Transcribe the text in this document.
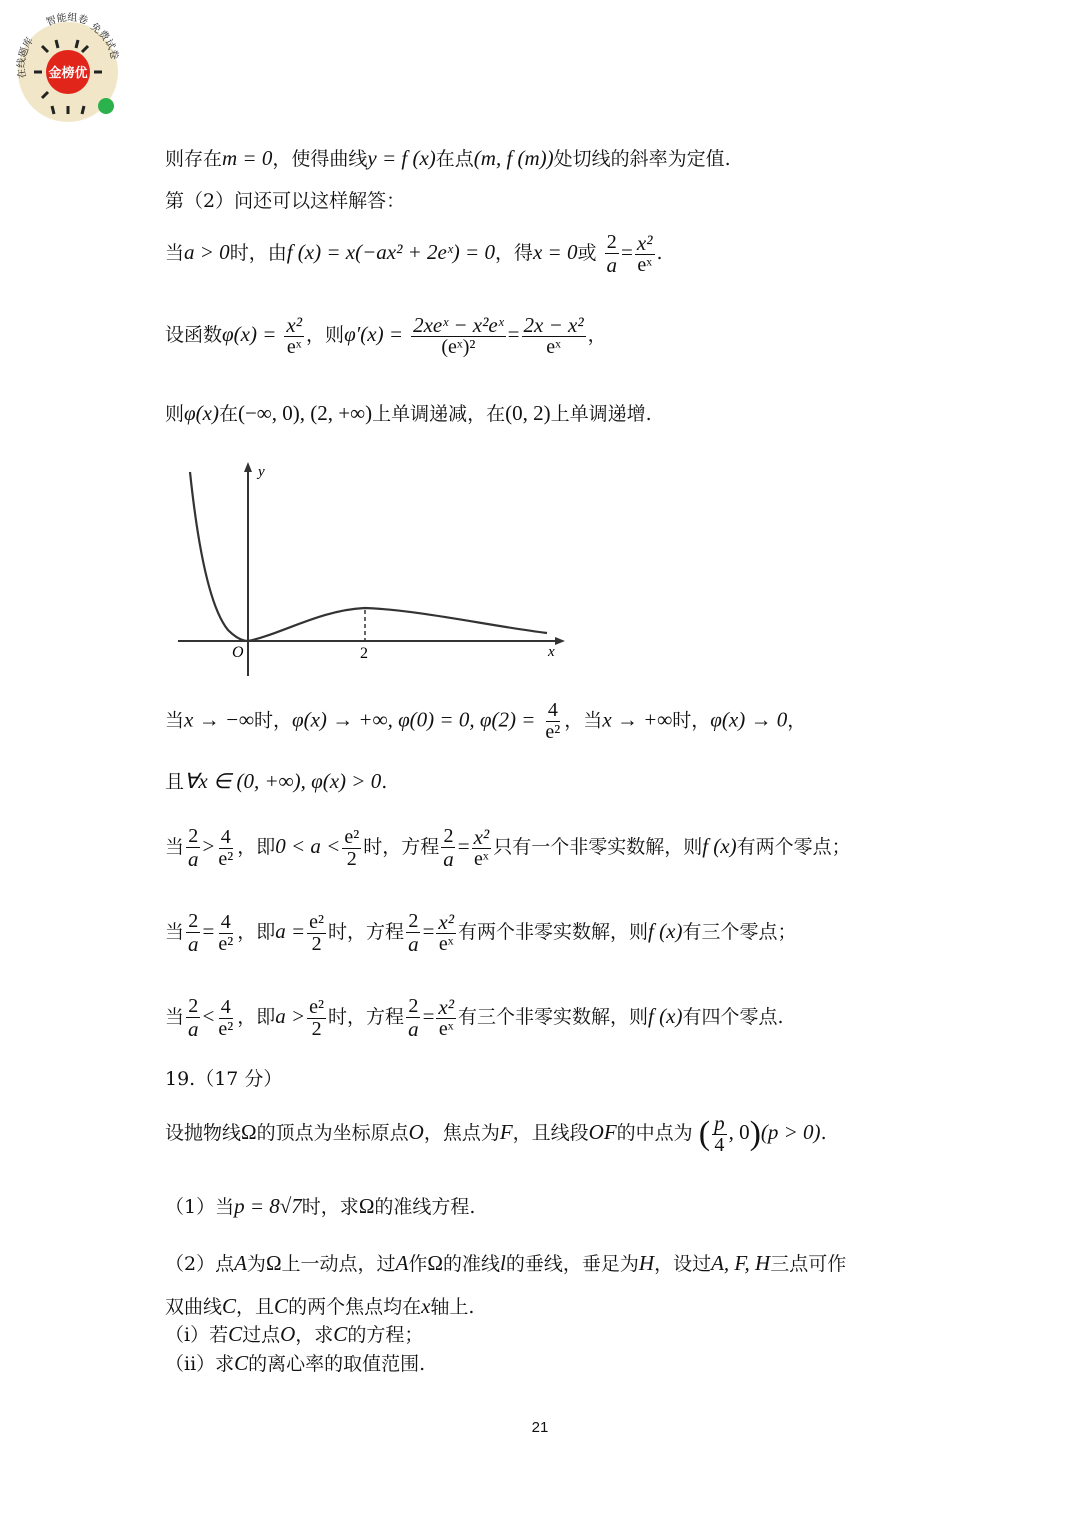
金榜优
在线题库
智能组卷
免费试卷
则存在m = 0，使得曲线y = f (x)在点(m, f (m))处切线的斜率为定值.
第（2）问还可以这样解答：
当a > 0时，由f (x) = x(−ax² + 2eˣ) = 0，得x = 0或 $\frac{2}{a} = \frac{\text{x²}}{\text{eˣ}}$ .
设函数$\varphi(x) = \frac{\text{x²}}{\text{eˣ}}$ ，则$\varphi'(x) = \frac{\text{2xeˣ − x²eˣ}}{\text{(eˣ)²}} = \frac{\text{2x − x²}}{\text{eˣ}}$ ，
则φ(x)在(−∞, 0), (2, +∞)上单调递减，在(0, 2)上单调递增.
y
x
O	2
当x → −∞时，φ(x) → +∞, φ(0) = 0, $\varphi(2) = \frac{4}{\text{e²}}$ ，当x → +∞时，φ(x) → 0，
且∀x ∈ (0, +∞), φ(x) > 0.
当 $\frac{2}{a} > \frac{4}{\text{e²}}$ ，即$0 < a < \frac{\text{e²}}{2}$ 时，方程 $\frac{2}{a} = \frac{\text{x²}}{\text{eˣ}}$ 只有一个非零实数解，则f (x)有两个零点；
当 $\frac{2}{a} = \frac{4}{\text{e²}}$ ，即$a = \frac{\text{e²}}{2}$ 时，方程 $\frac{2}{a} = \frac{\text{x²}}{\text{eˣ}}$ 有两个非零实数解，则f (x)有三个零点；
当 $\frac{2}{a} < \frac{4}{\text{e²}}$ ，即$a > \frac{\text{e²}}{2}$ 时，方程 $\frac{2}{a} = \frac{\text{x²}}{\text{eˣ}}$ 有三个非零实数解，则f (x)有四个零点.
19.（17 分）
设抛物线Ω的顶点为坐标原点O，焦点为F，且线段OF的中点为 ( $\frac{p}{4}$ , 0)(p > 0).
（1）当p = 8√7时，求Ω的准线方程.
（2）点A为Ω上一动点，过A作Ω的准线l的垂线，垂足为H，设过A, F, H三点可作
双曲线C，且C的两个焦点均在x轴上.
（i）若C过点O，求C的方程；
（ii）求C的离心率的取值范围.
21
